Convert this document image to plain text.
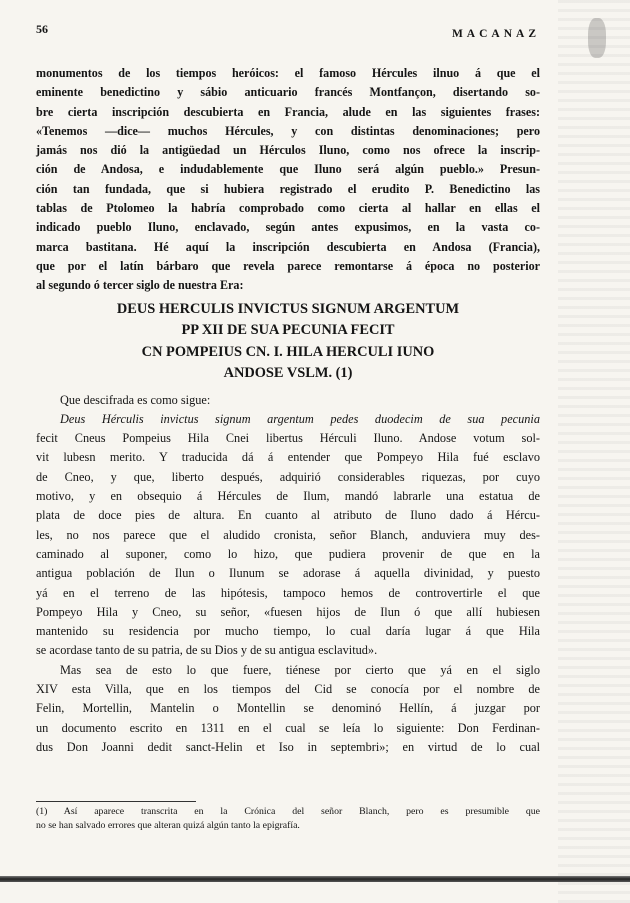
56	MACANAZ

monumentos de los tiempos heróicos: el famoso Hércules ilnuo á que el

eminente benedictino y sábio anticuario francés Montfançon, disertando so-

bre cierta inscripción descubierta en Francia, alude en las siguientes frases:

«Tenemos —dice— muchos Hércules, y con distintas denominaciones; pero

jamás nos dió la antigüedad un Hérculos Iluno, como nos ofrece la inscrip-

ción de Andosa, e indudablemente que Iluno será algún pueblo.» Presun-

ción tan fundada, que si hubiera registrado el erudito P. Benedictino las

tablas de Ptolomeo la habría comprobado como cierta al hallar en ellas el

indicado pueblo Iluno, enclavado, según antes expusimos, en la vasta co-

marca bastitana. Hé aquí la inscripción descubierta en Andosa (Francia),

que por el latín bárbaro que revela parece remontarse á época no posterior

al segundo ó tercer siglo de nuestra Era:

DEUS HERCULIS INVICTUS SIGNUM ARGENTUM

PP XII DE SUA PECUNIA FECIT

CN POMPEIUS CN. I. HILA HERCULI IUNO

ANDOSE VSLM. (1)

Que descifrada es como sigue:

Deus Hérculis invictus signum argentum pedes duodecim de sua pecunia

fecit Cneus Pompeius Hila Cnei libertus Hérculi Iluno. Andose votum sol-

vit lubesn merito. Y traducida dá á entender que Pompeyo Hila fué esclavo

de Cneo, y que, liberto después, adquirió considerables riquezas, por cuyo

motivo, y en obsequio á Hércules de Ilum, mandó labrarle una estatua de

plata de doce pies de altura. En cuanto al atributo de Iluno dado á Hércu-

les, no nos parece que el aludido cronista, señor Blanch, anduviera muy des-

caminado al suponer, como lo hizo, que pudiera provenir de que en la

antigua población de Ilun o Ilunum se adorase á aquella divinidad, y puesto

yá en el terreno de las hipótesis, tampoco hemos de controvertirle el que

Pompeyo Hila y Cneo, su señor, «fuesen hijos de Ilun ó que allí hubiesen

mantenido su residencia por mucho tiempo, lo cual daría lugar á que Hila

se acordase tanto de su patria, de su Dios y de su antigua esclavitud».

Mas sea de esto lo que fuere, tiénese por cierto que yá en el siglo

XIV esta Villa, que en los tiempos del Cid se conocía por el nombre de

Felin, Mortellin, Mantelin o Montellin se denominó Hellín, á juzgar por

un documento escrito en 1311 en el cual se leía lo siguiente: Don Ferdinan-

dus Don Joanni dedit sanct-Helin et Iso in septembri»; en virtud de lo cual

(1) Así aparece transcrita en la Crónica del señor Blanch, pero es presumible que

no se han salvado errores que alteran quizá algún tanto la epigrafía.
